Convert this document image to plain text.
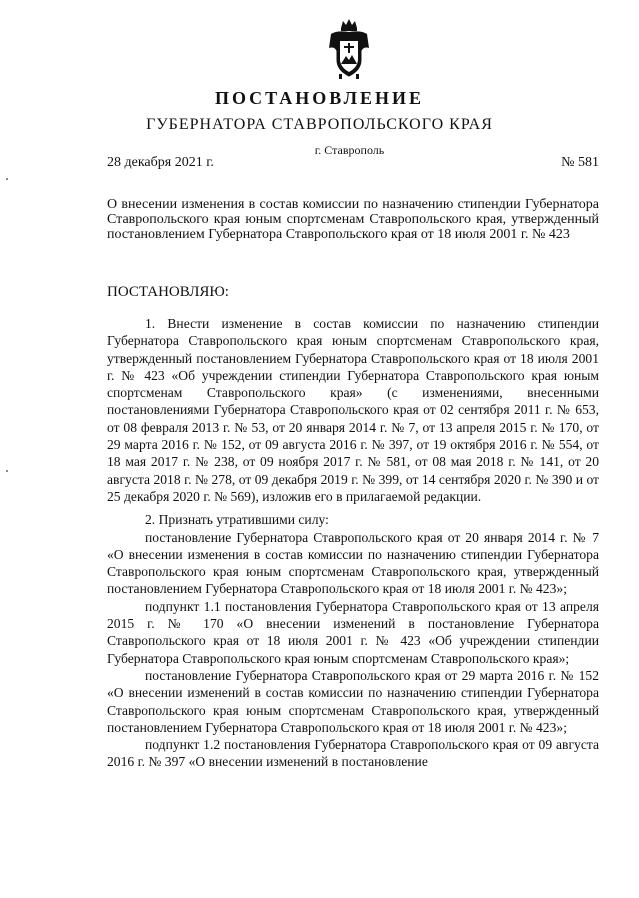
ПОСТАНОВЛЕНИЕ
ГУБЕРНАТОРА СТАВРОПОЛЬСКОГО КРАЯ
г. Ставрополь
28 декабря 2021 г.	№ 581
О внесении изменения в состав комиссии по назначению стипендии Губернатора Ставропольского края юным спортсменам Ставропольского края, утвержденный постановлением Губернатора Ставропольского края от 18 июля 2001 г. № 423
ПОСТАНОВЛЯЮ:

1. Внести изменение в состав комиссии по назначению стипендии Губернатора Ставропольского края юным спортсменам Ставропольского края, утвержденный постановлением Губернатора Ставропольского края от 18 июля 2001 г. № 423 «Об учреждении стипендии Губернатора Ставропольского края юным спортсменам Ставропольского края» (с изменениями, внесенными постановлениями Губернатора Ставропольского края от 02 сентября 2011 г. № 653, от 08 февраля 2013 г. № 53, от 20 января 2014 г. № 7, от 13 апреля 2015 г. № 170, от 29 марта 2016 г. № 152, от 09 августа 2016 г. № 397, от 19 октября 2016 г. № 554, от 18 мая 2017 г. № 238, от 09 ноября 2017 г. № 581, от 08 мая 2018 г. № 141, от 20 августа 2018 г. № 278, от 09 декабря 2019 г. № 399, от 14 сентября 2020 г. № 390 и от 25 декабря 2020 г. № 569), изложив его в прилагаемой редакции.

2. Признать утратившими силу:

постановление Губернатора Ставропольского края от 20 января 2014 г. № 7 «О внесении изменения в состав комиссии по назначению стипендии Губернатора Ставропольского края юным спортсменам Ставропольского края, утвержденный постановлением Губернатора Ставропольского края от 18 июля 2001 г. № 423»;

подпункт 1.1 постановления Губернатора Ставропольского края от 13 апреля 2015 г. № 170 «О внесении изменений в постановление Губернатора Ставропольского края от 18 июля 2001 г. № 423 «Об учреждении стипендии Губернатора Ставропольского края юным спортсменам Ставропольского края»;

постановление Губернатора Ставропольского края от 29 марта 2016 г. № 152 «О внесении изменений в состав комиссии по назначению стипендии Губернатора Ставропольского края юным спортсменам Ставропольского края, утвержденный постановлением Губернатора Ставропольского края от 18 июля 2001 г. № 423»;

подпункт 1.2 постановления Губернатора Ставропольского края от 09 августа 2016 г. № 397 «О внесении изменений в постановление
